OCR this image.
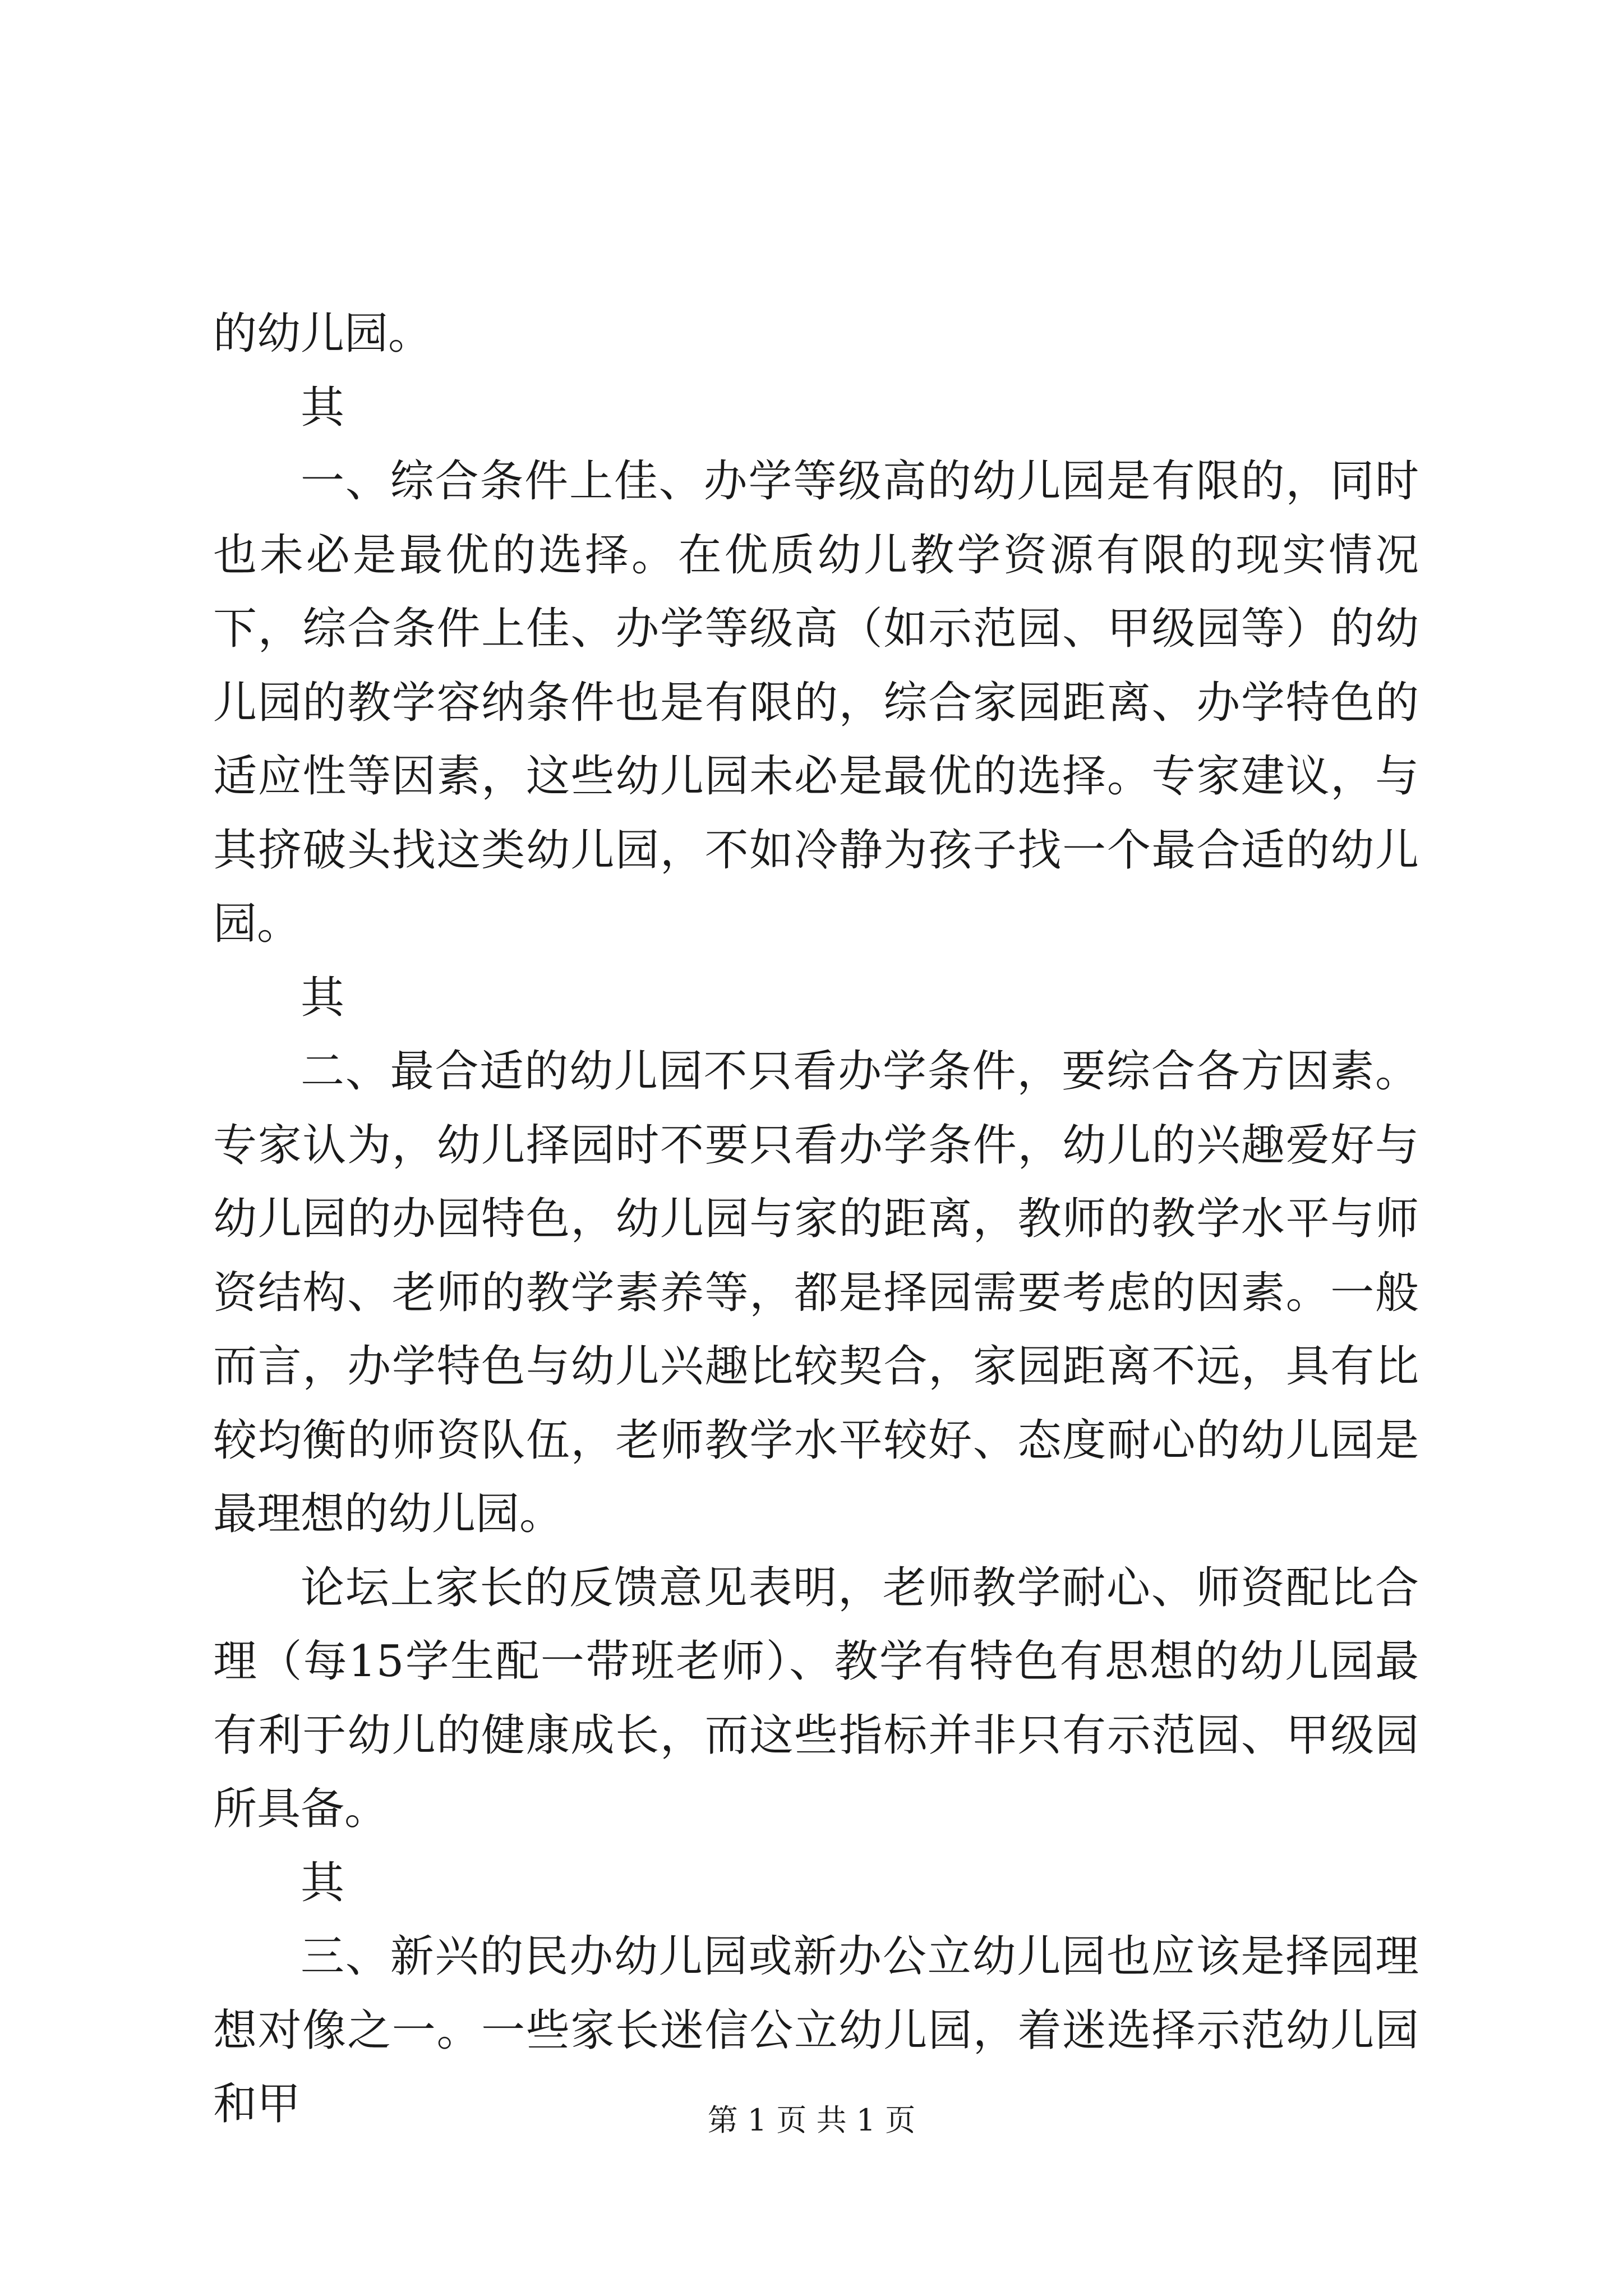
的幼儿园。

其

一、综合条件上佳、办学等级高的幼儿园是有限的，同时也未必是最优的选择。在优质幼儿教学资源有限的现实情况下，综合条件上佳、办学等级高（如示范园、甲级园等）的幼儿园的教学容纳条件也是有限的，综合家园距离、办学特色的适应性等因素，这些幼儿园未必是最优的选择。专家建议，与其挤破头找这类幼儿园，不如冷静为孩子找一个最合适的幼儿园。

其

二、最合适的幼儿园不只看办学条件，要综合各方因素。专家认为，幼儿择园时不要只看办学条件，幼儿的兴趣爱好与幼儿园的办园特色，幼儿园与家的距离，教师的教学水平与师资结构、老师的教学素养等，都是择园需要考虑的因素。一般而言，办学特色与幼儿兴趣比较契合，家园距离不远，具有比较均衡的师资队伍，老师教学水平较好、态度耐心的幼儿园是最理想的幼儿园。

论坛上家长的反馈意见表明，老师教学耐心、师资配比合理（每15学生配一带班老师）、教学有特色有思想的幼儿园最有利于幼儿的健康成长，而这些指标并非只有示范园、甲级园所具备。

其

三、新兴的民办幼儿园或新办公立幼儿园也应该是择园理想对像之一。一些家长迷信公立幼儿园，着迷选择示范幼儿园和甲	第 1 页 共 1 页
